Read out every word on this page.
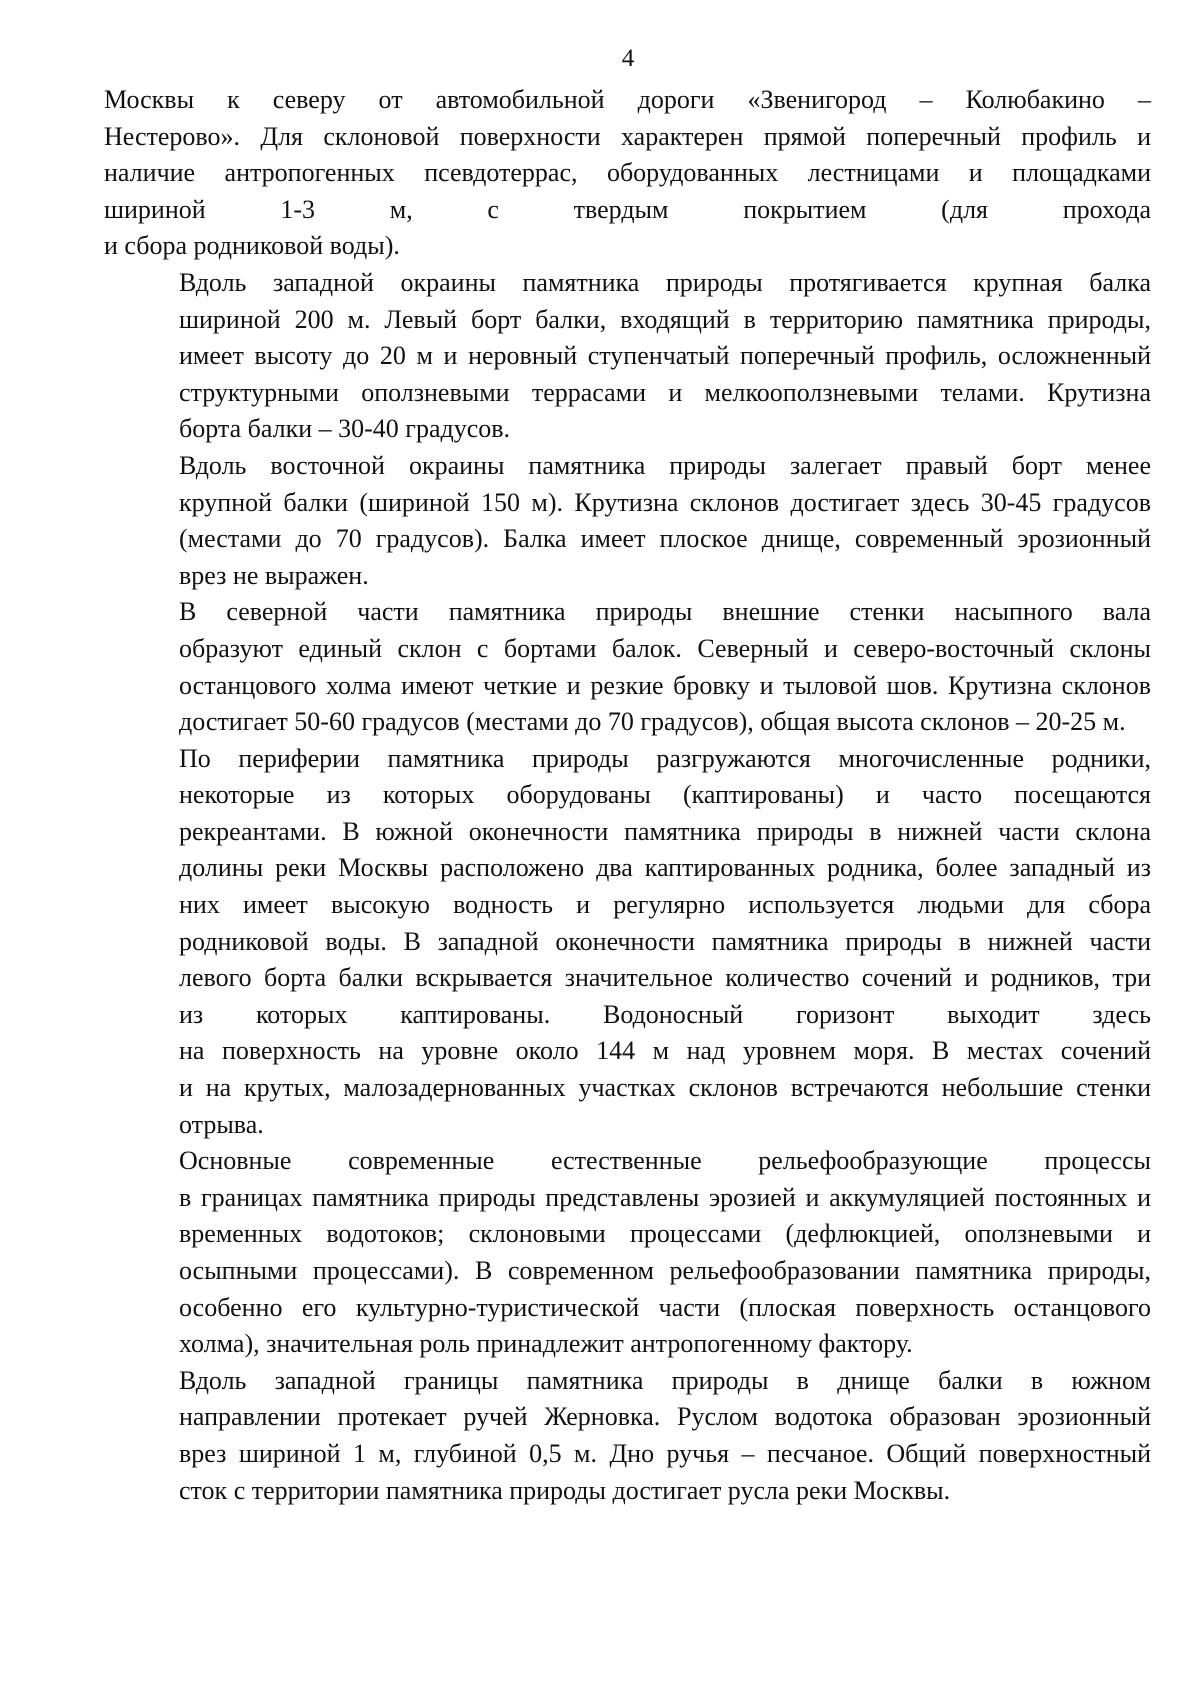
4
Москвы к северу от автомобильной дороги «Звенигород – Колюбакино –
Нестерово». Для склоновой поверхности характерен прямой поперечный профиль и
наличие антропогенных псевдотеррас, оборудованных лестницами и площадками
шириной 1-3 м, с твердым покрытием (для прохода
и сбора родниковой воды).
Вдоль западной окраины памятника природы протягивается крупная балка
шириной 200 м. Левый борт балки, входящий в территорию памятника природы,
имеет высоту до 20 м и неровный ступенчатый поперечный профиль, осложненный
структурными оползневыми террасами и мелкооползневыми телами. Крутизна
борта балки – 30-40 градусов.
Вдоль восточной окраины памятника природы залегает правый борт менее
крупной балки (шириной 150 м). Крутизна склонов достигает здесь 30-45 градусов
(местами до 70 градусов). Балка имеет плоское днище, современный эрозионный
врез не выражен.
В северной части памятника природы внешние стенки насыпного вала
образуют единый склон с бортами балок. Северный и северо-восточный склоны
останцового холма имеют четкие и резкие бровку и тыловой шов. Крутизна склонов
достигает 50-60 градусов (местами до 70 градусов), общая высота склонов – 20-25 м.
По периферии памятника природы разгружаются многочисленные родники,
некоторые из которых оборудованы (каптированы) и часто посещаются
рекреантами. В южной оконечности памятника природы в нижней части склона
долины реки Москвы расположено два каптированных родника, более западный из
них имеет высокую водность и регулярно используется людьми для сбора
родниковой воды. В западной оконечности памятника природы в нижней части
левого борта балки вскрывается значительное количество сочений и родников, три
из которых каптированы. Водоносный горизонт выходит здесь
на поверхность на уровне около 144 м над уровнем моря. В местах сочений
и на крутых, малозадернованных участках склонов встречаются небольшие стенки
отрыва.
Основные современные естественные рельефообразующие процессы
в границах памятника природы представлены эрозией и аккумуляцией постоянных и
временных водотоков; склоновыми процессами (дефлюкцией, оползневыми и
осыпными процессами). В современном рельефообразовании памятника природы,
особенно его культурно-туристической части (плоская поверхность останцового
холма), значительная роль принадлежит антропогенному фактору.
Вдоль западной границы памятника природы в днище балки в южном
направлении протекает ручей Жерновка. Руслом водотока образован эрозионный
врез шириной 1 м, глубиной 0,5 м. Дно ручья – песчаное. Общий поверхностный
сток с территории памятника природы достигает русла реки Москвы.
